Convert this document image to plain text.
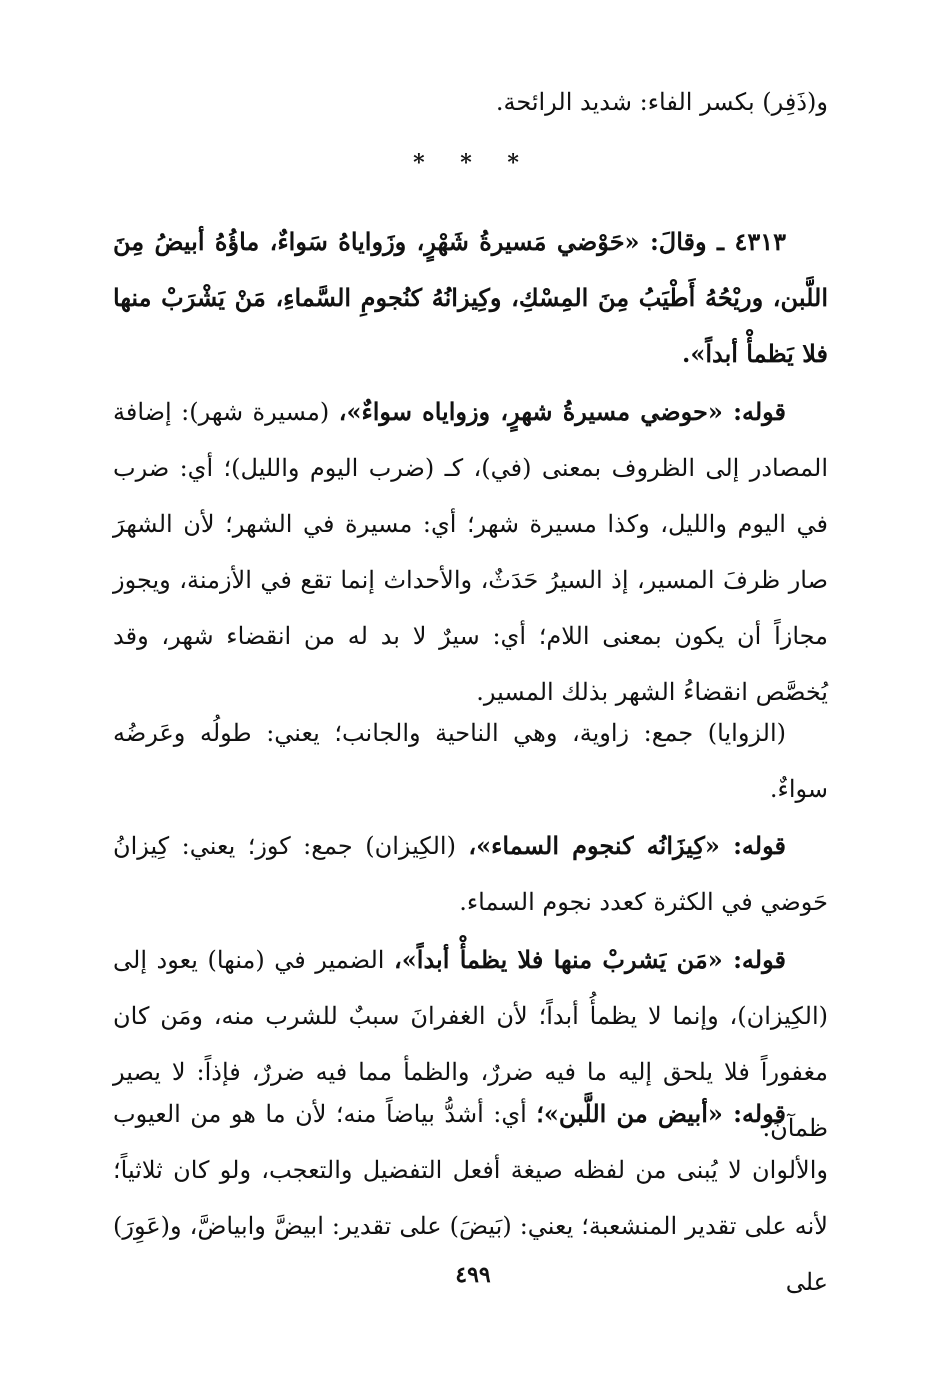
و(ذَفِر) بكسر الفاء: شديد الرائحة.

* * *

٤٣١٣ ـ وقالَ: «حَوْضي مَسيرةُ شَهْرٍ، وزَواياهُ سَواءٌ، ماؤُهُ أبيضُ مِنَ اللَّبن، وريْحُهُ أَطْيَبُ مِنَ المِسْكِ، وكِيزانُهُ كنُجومِ السَّماءِ، مَنْ يَشْرَبْ منها فلا يَظمأْ أبداً».

قوله: «حوضي مسيرةُ شهرٍ، وزواياه سواءٌ»، (مسيرة شهر): إضافة المصادر إلى الظروف بمعنى (في)، كـ (ضرب اليوم والليل)؛ أي: ضرب في اليوم والليل، وكذا مسيرة شهر؛ أي: مسيرة في الشهر؛ لأن الشهرَ صار ظرفَ المسير، إذ السيرُ حَدَثٌ، والأحداث إنما تقع في الأزمنة، ويجوز مجازاً أن يكون بمعنى اللام؛ أي: سيرٌ لا بد له من انقضاء شهر، وقد يُخصَّص انقضاءُ الشهر بذلك المسير.

(الزوايا) جمع: زاوية، وهي الناحية والجانب؛ يعني: طولُه وعَرضُه سواءٌ.

قوله: «كِيزَانُه كنجوم السماء»، (الكِيزان) جمع: كوز؛ يعني: كِيزانُ حَوضي في الكثرة كعدد نجوم السماء.

قوله: «مَن يَشربْ منها فلا يظمأْ أبداً»، الضمير في (منها) يعود إلى (الكِيزان)، وإنما لا يظمأُ أبداً؛ لأن الغفرانَ سببٌ للشرب منه، ومَن كان مغفوراً فلا يلحق إليه ما فيه ضررٌ، والظمأ مما فيه ضررٌ، فإذاً: لا يصير ظمآنَ.

قوله: «أبيض من اللَّبن»؛ أي: أشدُّ بياضاً منه؛ لأن ما هو من العيوب والألوان لا يُبنى من لفظه صيغة أفعل التفضيل والتعجب، ولو كان ثلاثياً؛ لأنه على تقدير المنشعبة؛ يعني: (بَيضَ) على تقدير: ابيضَّ وابياضَّ، و(عَوِرَ) على

٤٩٩
